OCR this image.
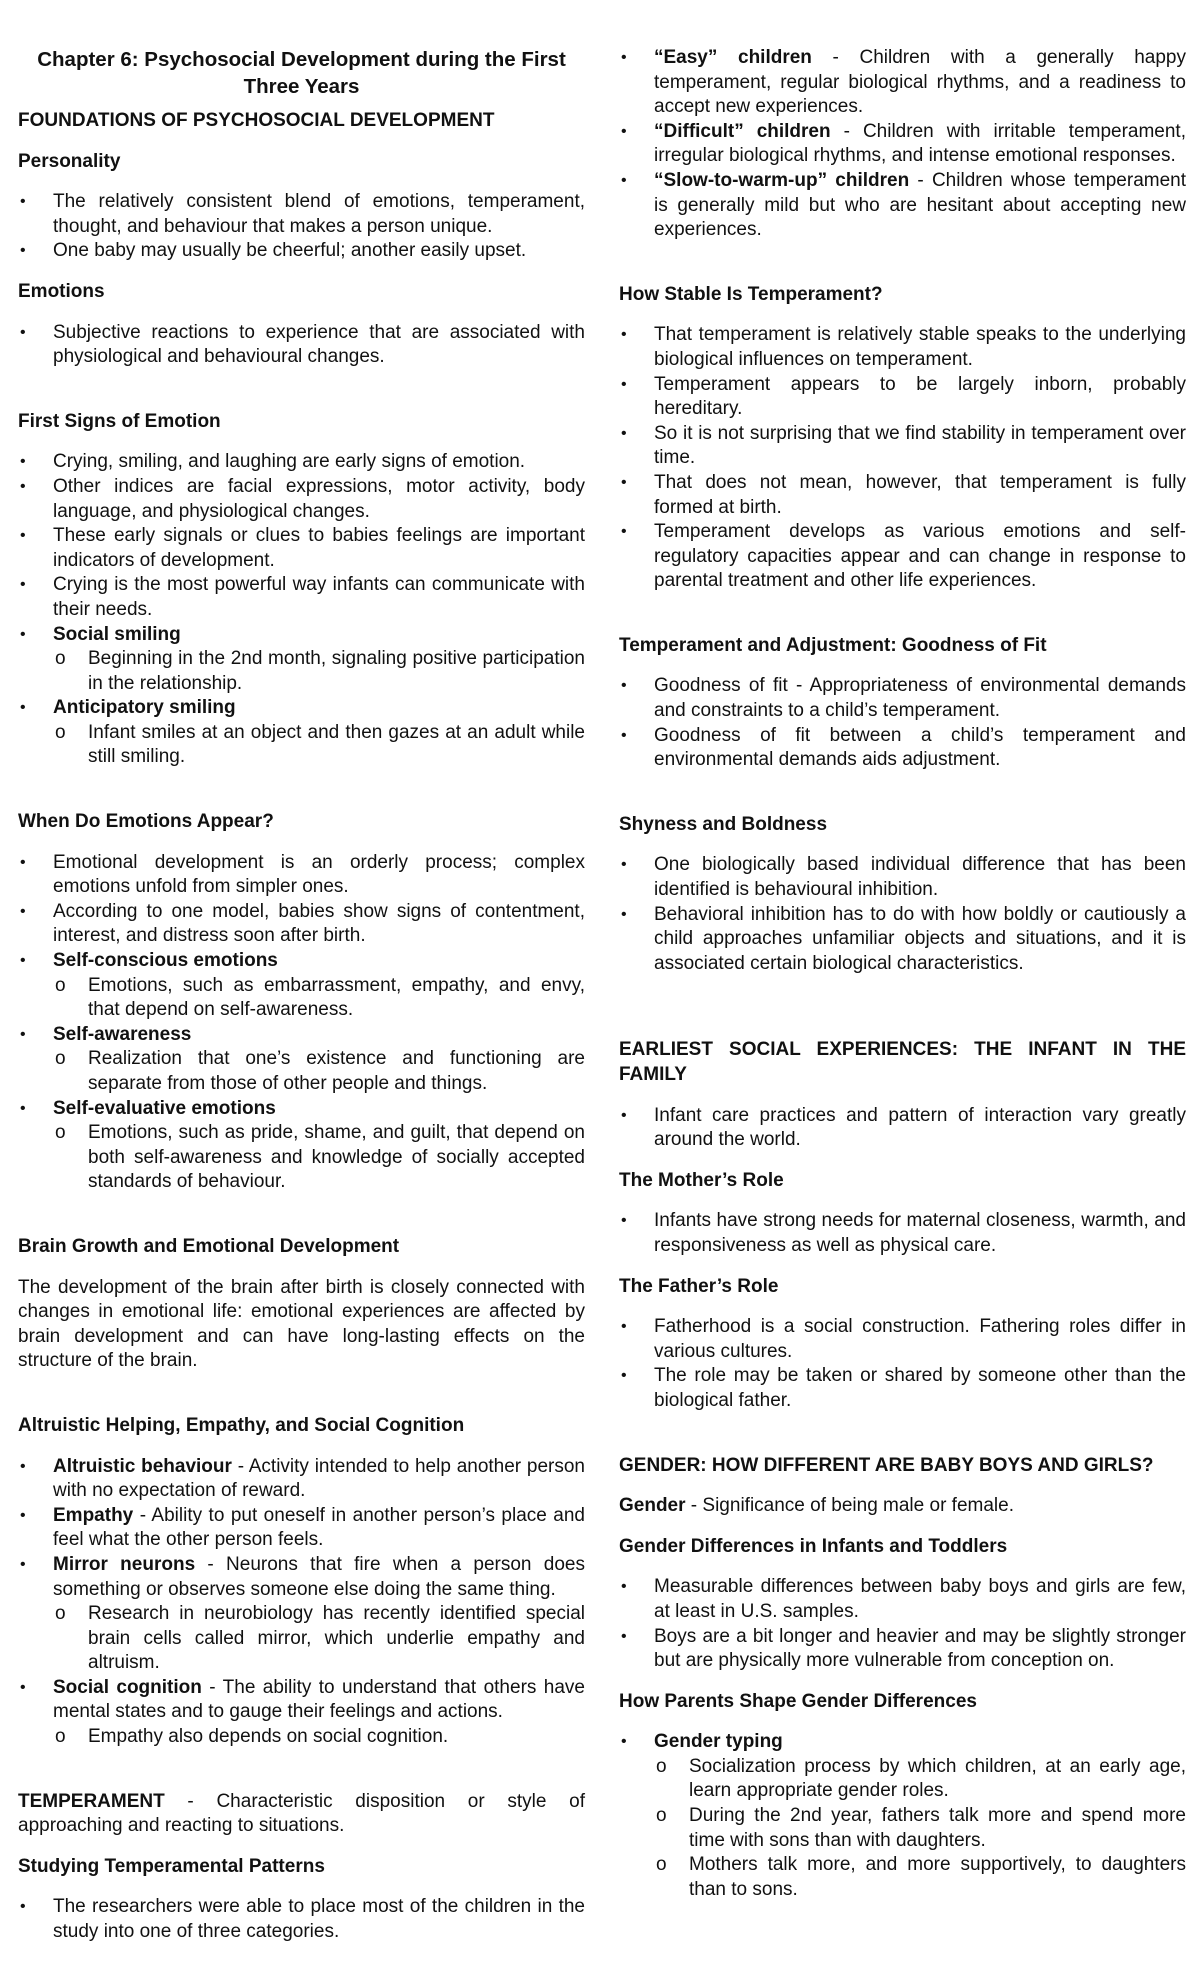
Chapter 6: Psychosocial Development during the First Three Years

FOUNDATIONS OF PSYCHOSOCIAL DEVELOPMENT

Personality

• The relatively consistent blend of emotions, temperament, thought, and behaviour that makes a person unique.
• One baby may usually be cheerful; another easily upset.

Emotions

• Subjective reactions to experience that are associated with physiological and behavioural changes.

First Signs of Emotion

• Crying, smiling, and laughing are early signs of emotion.
• Other indices are facial expressions, motor activity, body language, and physiological changes.
• These early signals or clues to babies feelings are important indicators of development.
• Crying is the most powerful way infants can communicate with their needs.
• Social smiling
o Beginning in the 2nd month, signaling positive participation in the relationship.
• Anticipatory smiling
o Infant smiles at an object and then gazes at an adult while still smiling.

When Do Emotions Appear?

• Emotional development is an orderly process; complex emotions unfold from simpler ones.
• According to one model, babies show signs of contentment, interest, and distress soon after birth.
• Self-conscious emotions
o Emotions, such as embarrassment, empathy, and envy, that depend on self-awareness.
• Self-awareness
o Realization that one’s existence and functioning are separate from those of other people and things.
• Self-evaluative emotions
o Emotions, such as pride, shame, and guilt, that depend on both self-awareness and knowledge of socially accepted standards of behaviour.

Brain Growth and Emotional Development

The development of the brain after birth is closely connected with changes in emotional life: emotional experiences are affected by brain development and can have long-lasting effects on the structure of the brain.

Altruistic Helping, Empathy, and Social Cognition

• Altruistic behaviour - Activity intended to help another person with no expectation of reward.
• Empathy - Ability to put oneself in another person’s place and feel what the other person feels.
• Mirror neurons - Neurons that fire when a person does something or observes someone else doing the same thing.
o Research in neurobiology has recently identified special brain cells called mirror, which underlie empathy and altruism.
• Social cognition - The ability to understand that others have mental states and to gauge their feelings and actions.
o Empathy also depends on social cognition.

TEMPERAMENT - Characteristic disposition or style of approaching and reacting to situations.

Studying Temperamental Patterns

• The researchers were able to place most of the children in the study into one of three categories.
• “Easy” children - Children with a generally happy temperament, regular biological rhythms, and a readiness to accept new experiences.
• “Difficult” children - Children with irritable temperament, irregular biological rhythms, and intense emotional responses.
• “Slow-to-warm-up” children - Children whose temperament is generally mild but who are hesitant about accepting new experiences.

How Stable Is Temperament?

• That temperament is relatively stable speaks to the underlying biological influences on temperament.
• Temperament appears to be largely inborn, probably hereditary.
• So it is not surprising that we find stability in temperament over time.
• That does not mean, however, that temperament is fully formed at birth.
• Temperament develops as various emotions and self-regulatory capacities appear and can change in response to parental treatment and other life experiences.

Temperament and Adjustment: Goodness of Fit

• Goodness of fit - Appropriateness of environmental demands and constraints to a child’s temperament.
• Goodness of fit between a child’s temperament and environmental demands aids adjustment.

Shyness and Boldness

• One biologically based individual difference that has been identified is behavioural inhibition.
• Behavioral inhibition has to do with how boldly or cautiously a child approaches unfamiliar objects and situations, and it is associated certain biological characteristics.

EARLIEST SOCIAL EXPERIENCES: THE INFANT IN THE FAMILY

• Infant care practices and pattern of interaction vary greatly around the world.

The Mother’s Role

• Infants have strong needs for maternal closeness, warmth, and responsiveness as well as physical care.

The Father’s Role

• Fatherhood is a social construction. Fathering roles differ in various cultures.
• The role may be taken or shared by someone other than the biological father.

GENDER: HOW DIFFERENT ARE BABY BOYS AND GIRLS?

Gender - Significance of being male or female.

Gender Differences in Infants and Toddlers

• Measurable differences between baby boys and girls are few, at least in U.S. samples.
• Boys are a bit longer and heavier and may be slightly stronger but are physically more vulnerable from conception on.

How Parents Shape Gender Differences

• Gender typing
o Socialization process by which children, at an early age, learn appropriate gender roles.
o During the 2nd year, fathers talk more and spend more time with sons than with daughters.
o Mothers talk more, and more supportively, to daughters than to sons.
